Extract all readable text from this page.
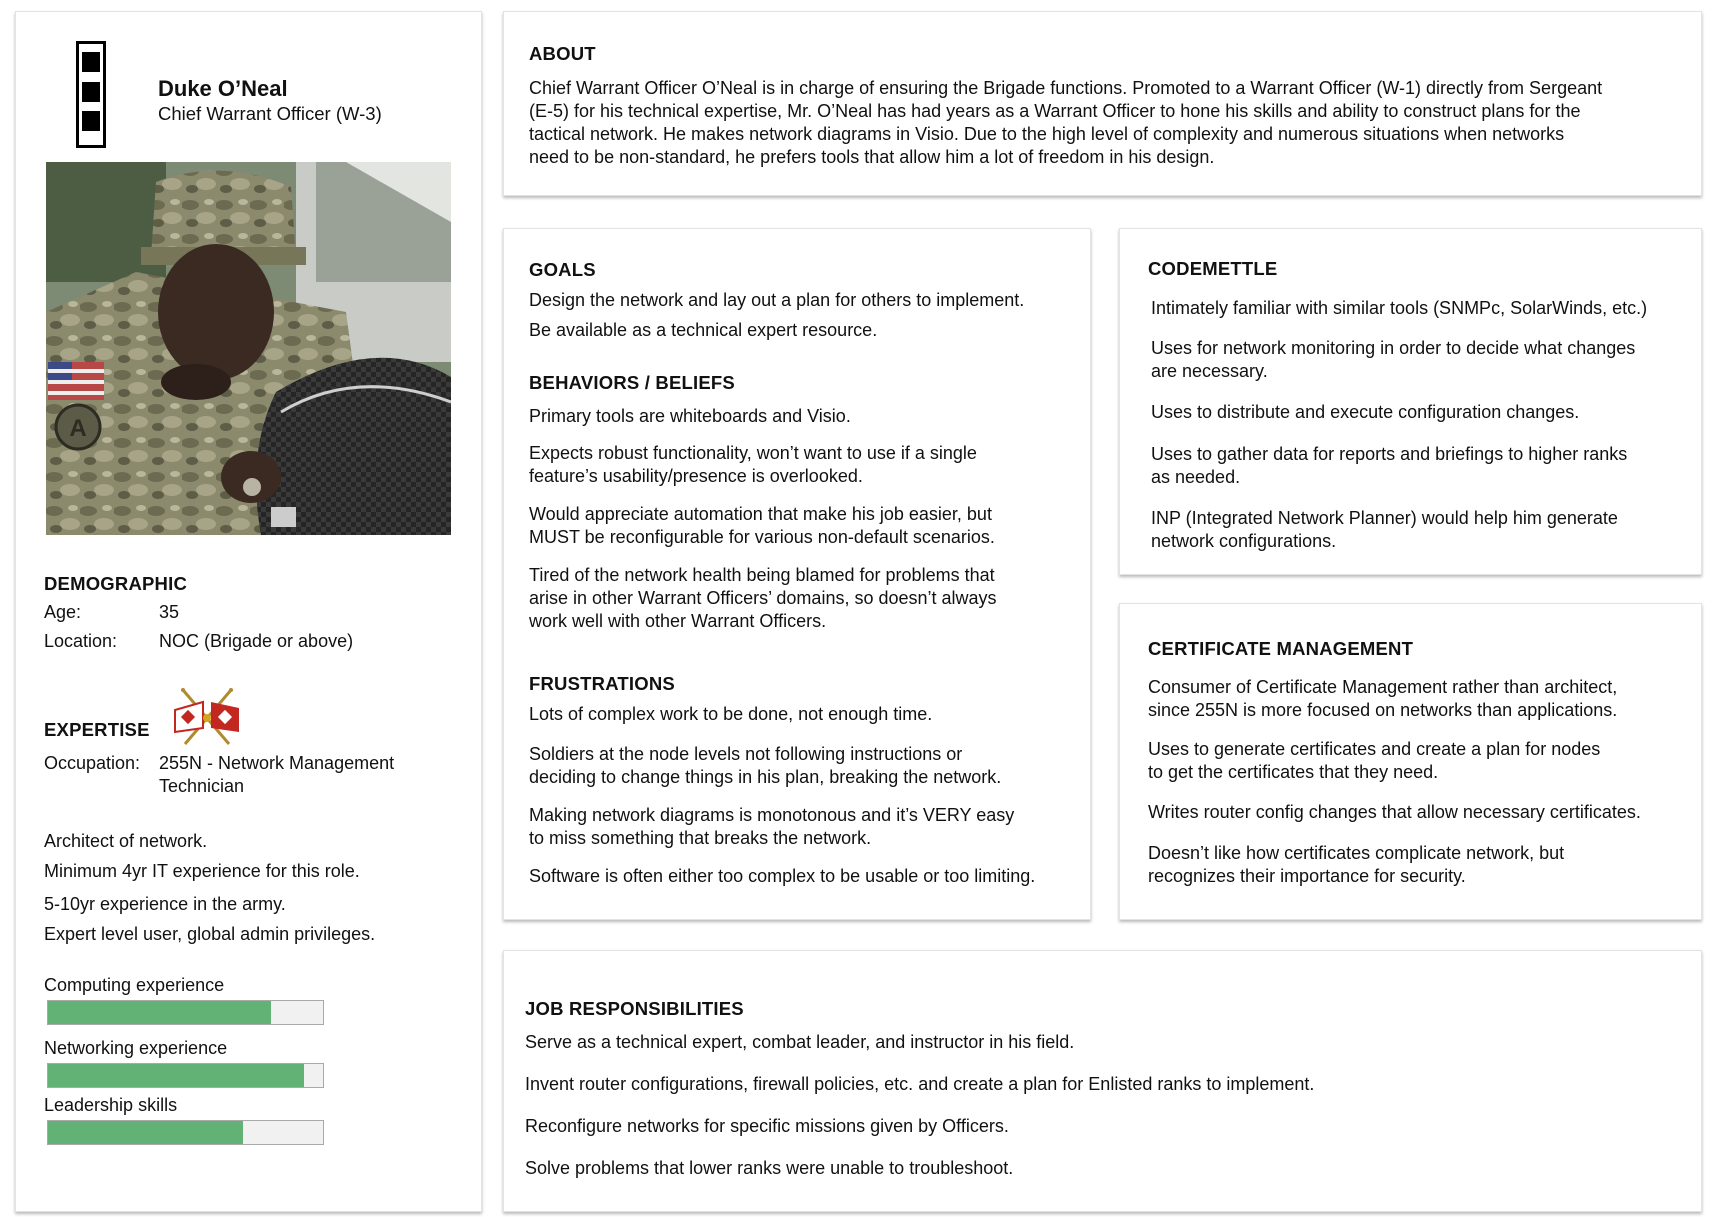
Duke O’Neal
Chief Warrant Officer (W-3)
A
DEMOGRAPHIC
Age:	35
Location: NOC (Brigade or above)
EXPERTISE
Occupation: 255N - Network Management
Technician
Architect of network.
Minimum 4yr IT experience for this role.
5-10yr experience in the army.
Expert level user, global admin privileges.
Computing experience
Networking experience
Leadership skills
ABOUT
Chief Warrant Officer O’Neal is in charge of ensuring the Brigade functions. Promoted to a Warrant Officer (W-1) directly from Sergeant
(E-5) for his technical expertise, Mr. O’Neal has had years as a Warrant Officer to hone his skills and ability to construct plans for the
tactical network. He makes network diagrams in Visio. Due to the high level of complexity and numerous situations when networks
need to be non-standard, he prefers tools that allow him a lot of freedom in his design.
GOALS
Design the network and lay out a plan for others to implement.
Be available as a technical expert resource.
BEHAVIORS / BELIEFS
Primary tools are whiteboards and Visio.
Expects robust functionality, won’t want to use if a single
feature’s usability/presence is overlooked.
Would appreciate automation that make his job easier, but
MUST be reconfigurable for various non-default scenarios.
Tired of the network health being blamed for problems that
arise in other Warrant Officers’ domains, so doesn’t always
work well with other Warrant Officers.
FRUSTRATIONS
Lots of complex work to be done, not enough time.
Soldiers at the node levels not following instructions or
deciding to change things in his plan, breaking the network.
Making network diagrams is monotonous and it’s VERY easy
to miss something that breaks the network.
Software is often either too complex to be usable or too limiting.
CODEMETTLE
Intimately familiar with similar tools (SNMPc, SolarWinds, etc.)
Uses for network monitoring in order to decide what changes
are necessary.
Uses to distribute and execute configuration changes.
Uses to gather data for reports and briefings to higher ranks
as needed.
INP (Integrated Network Planner) would help him generate
network configurations.
CERTIFICATE MANAGEMENT
Consumer of Certificate Management rather than architect,
since 255N is more focused on networks than applications.
Uses to generate certificates and create a plan for nodes
to get the certificates that they need.
Writes router config changes that allow necessary certificates.
Doesn’t like how certificates complicate network, but
recognizes their importance for security.
JOB RESPONSIBILITIES
Serve as a technical expert, combat leader, and instructor in his field.
Invent router configurations, firewall policies, etc. and create a plan for Enlisted ranks to implement.
Reconfigure networks for specific missions given by Officers.
Solve problems that lower ranks were unable to troubleshoot.
